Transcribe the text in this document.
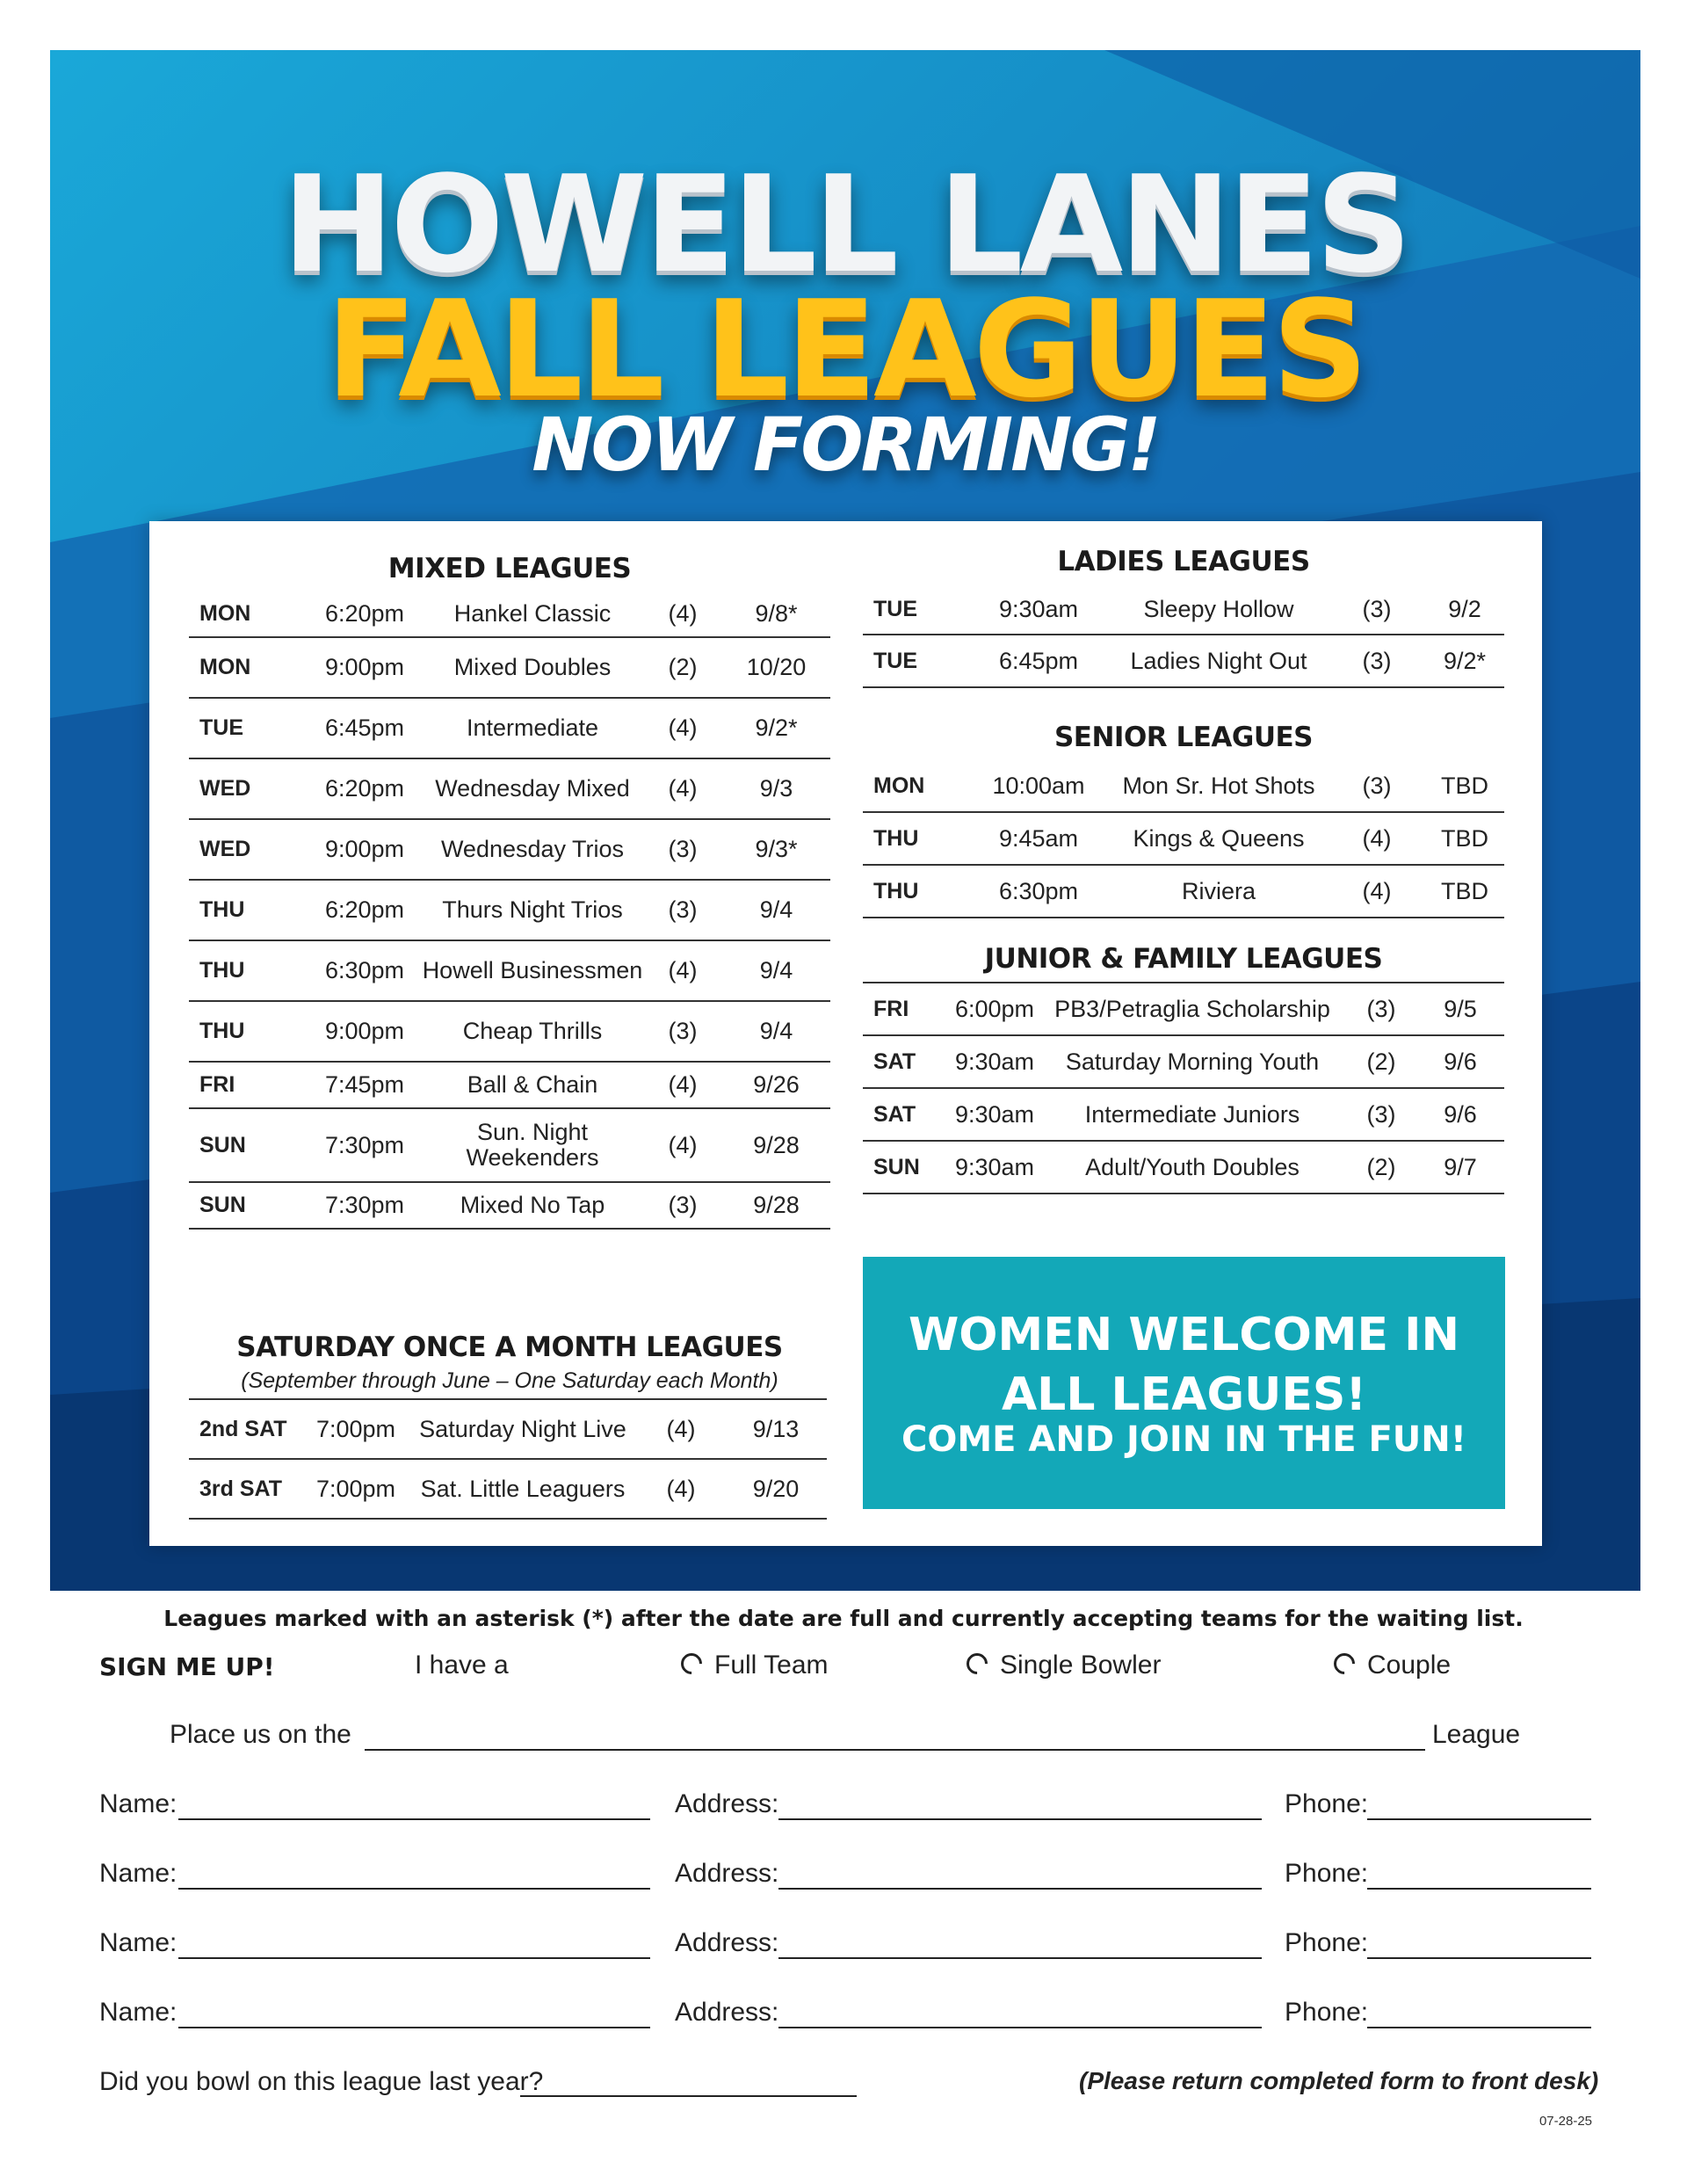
HOWELL LANES
FALL LEAGUES
NOW FORMING!
MIXED LEAGUES
MON	6:20pm	Hankel Classic	(4)	9/8*
MON	9:00pm	Mixed Doubles	(2)	10/20
TUE	6:45pm	Intermediate	(4)	9/2*
WED	6:20pm	Wednesday Mixed	(4)	9/3
WED	9:00pm	Wednesday Trios	(3)	9/3*
THU	6:20pm	Thurs Night Trios	(3)	9/4
THU	6:30pm Howell Businessmen	(4)	9/4
THU	9:00pm	Cheap Thrills	(3)	9/4
FRI	7:45pm	Ball & Chain	(4)	9/26
SUN	7:30pm	Sun. Night Weekenders	(4)	9/28
SUN	7:30pm	Mixed No Tap	(3)	9/28
LADIES LEAGUES
TUE	9:30am	Sleepy Hollow	(3)	9/2
TUE	6:45pm	Ladies Night Out	(3)	9/2*
SENIOR LEAGUES
MON	10:00am	Mon Sr. Hot Shots	(3)	TBD
THU	9:45am	Kings & Queens	(4)	TBD
THU	6:30pm	Riviera	(4)	TBD
JUNIOR & FAMILY LEAGUES
FRI	6:00pm PB3/Petraglia Scholarship	(3)	9/5
SAT	9:30am	Saturday Morning Youth	(2)	9/6
SAT	9:30am	Intermediate Juniors	(3)	9/6
SUN	9:30am	Adult/Youth Doubles	(2)	9/7
SATURDAY ONCE A MONTH LEAGUES
(September through June – One Saturday each Month)
2nd SAT	7:00pm	Saturday Night Live	(4)	9/13
3rd SAT	7:00pm	Sat. Little Leaguers	(4)	9/20
WOMEN WELCOME IN
ALL LEAGUES!
COME AND JOIN IN THE FUN!
Leagues marked with an asterisk (*) after the date are full and currently accepting teams for the waiting list.
SIGN ME UP!	I have a	Full Team	Single Bowler	Couple
Place us on the	League
Name:	Address:	Phone:
Name:	Address:	Phone:
Name:	Address:	Phone:
Name:	Address:	Phone:
Did you bowl on this league last year?	(Please return completed form to front desk)
07-28-25
